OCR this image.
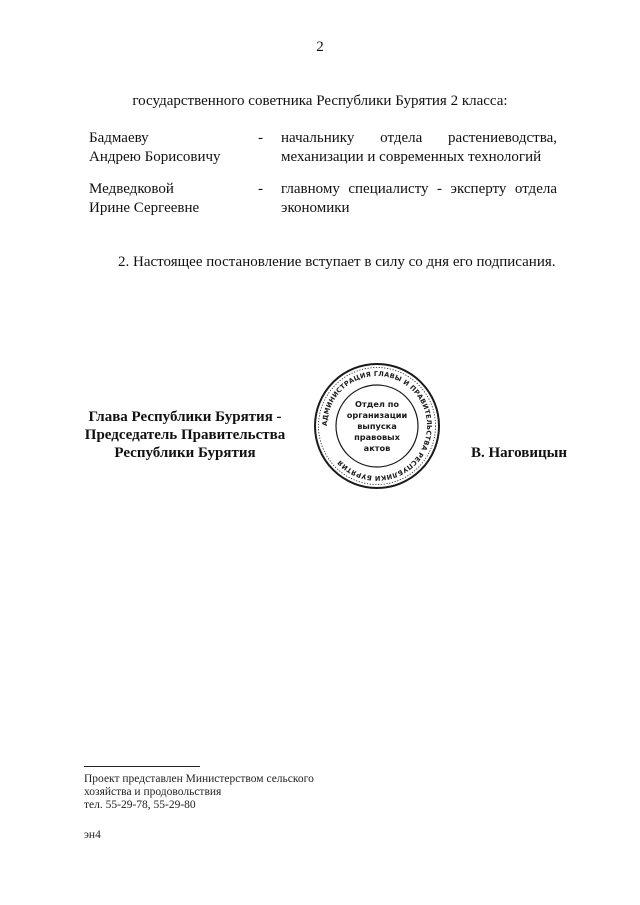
2
государственного советника Республики Бурятия 2 класса:
Бадмаеву
Андрею Борисовичу
- начальнику отдела растениеводства, механизации и современных технологий
Медведковой
Ирине Сергеевне
- главному специалисту - эксперту отдела экономики
2. Настоящее постановление вступает в силу со дня его подписания.
Глава Республики Бурятия -
Председатель Правительства
Республики Бурятия
АДМИНИСТРАЦИЯ ГЛАВЫ И ПРАВИТЕЛЬСТВА РЕСПУБЛИКИ БУРЯТИЯ
Отдел по
организации
выпуска
правовых
актов	В. Наговицын
Проект представлен Министерством сельского
хозяйства и продовольствия
тел. 55-29-78, 55-29-80
эн4
